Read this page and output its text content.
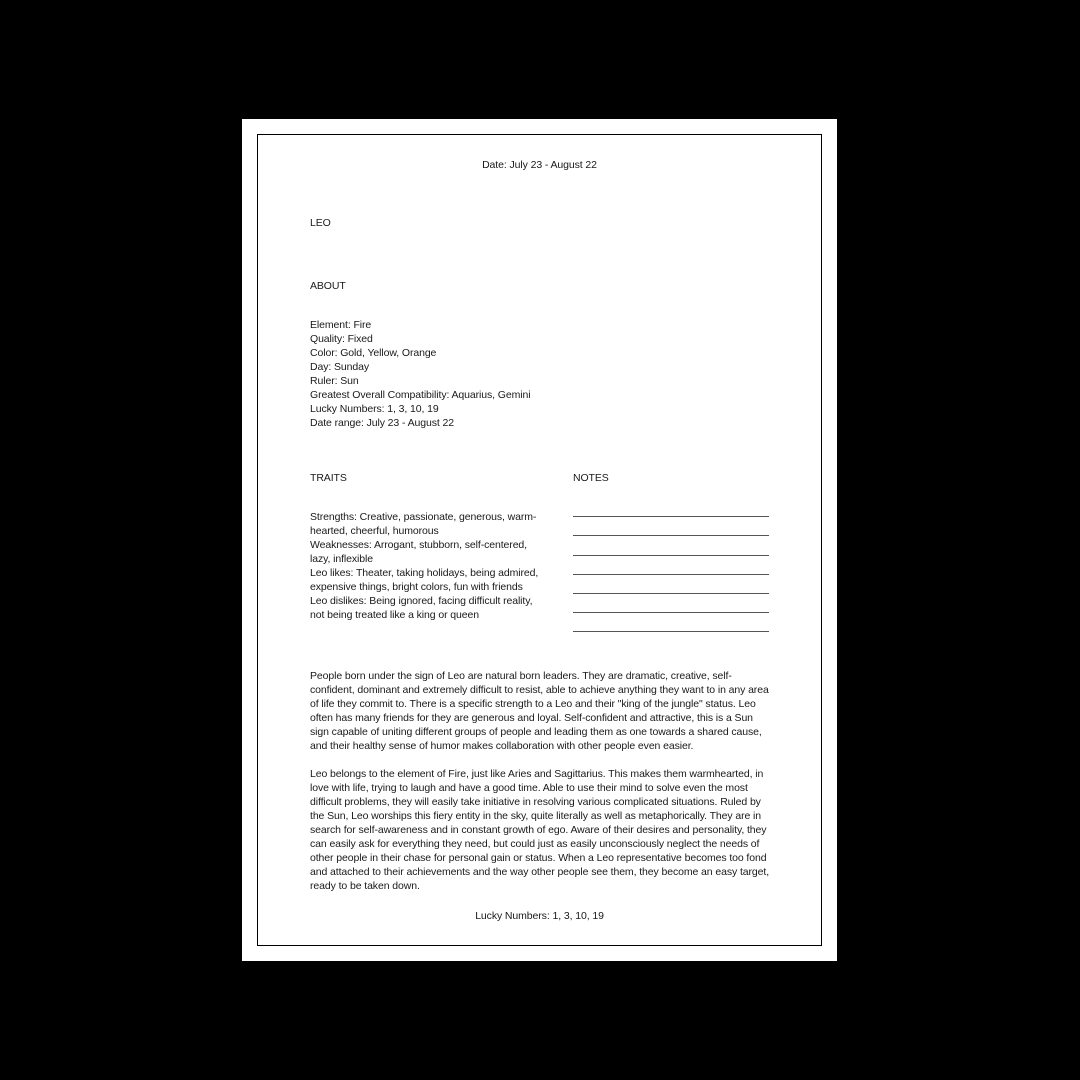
Date: July 23 - August 22
LEO
ABOUT
Element: Fire
Quality: Fixed
Color: Gold, Yellow, Orange
Day: Sunday
Ruler: Sun
Greatest Overall Compatibility: Aquarius, Gemini
Lucky Numbers: 1, 3, 10, 19
Date range: July 23 - August 22
TRAITS	NOTES
Strengths: Creative, passionate, generous, warm-hearted, cheerful, humorous
Weaknesses: Arrogant, stubborn, self-centered, lazy, inflexible
Leo likes: Theater, taking holidays, being admired, expensive things, bright colors, fun with friends
Leo dislikes: Being ignored, facing difficult reality, not being treated like a king or queen

People born under the sign of Leo are natural born leaders. They are dramatic, creative, self-confident, dominant and extremely difficult to resist, able to achieve anything they want to in any area of life they commit to. There is a specific strength to a Leo and their "king of the jungle" status. Leo often has many friends for they are generous and loyal. Self-confident and attractive, this is a Sun sign capable of uniting different groups of people and leading them as one towards a shared cause, and their healthy sense of humor makes collaboration with other people even easier.

Leo belongs to the element of Fire, just like Aries and Sagittarius. This makes them warmhearted, in love with life, trying to laugh and have a good time. Able to use their mind to solve even the most difficult problems, they will easily take initiative in resolving various complicated situations. Ruled by the Sun, Leo worships this fiery entity in the sky, quite literally as well as metaphorically. They are in search for self-awareness and in constant growth of ego. Aware of their desires and personality, they can easily ask for everything they need, but could just as easily unconsciously neglect the needs of other people in their chase for personal gain or status. When a Leo representative becomes too fond and attached to their achievements and the way other people see them, they become an easy target, ready to be taken down.

Lucky Numbers: 1, 3, 10, 19
